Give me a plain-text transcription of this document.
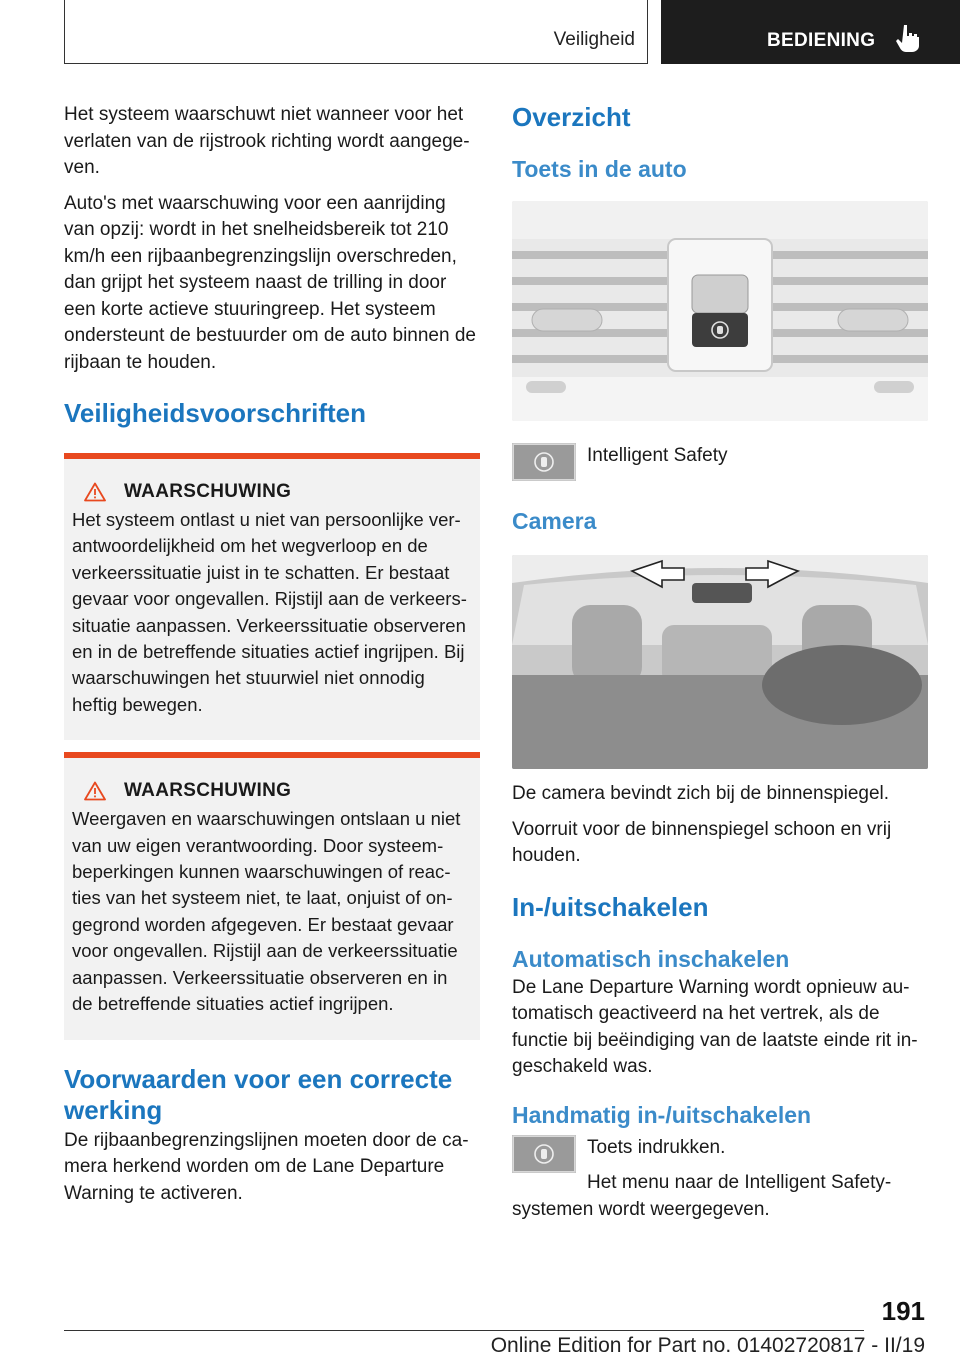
Veiligheid	BEDIENING

Het systeem waarschuwt niet wanneer voor het verlaten van de rijstrook richting wordt aangegeven.

Auto's met waarschuwing voor een aanrijding van opzij: wordt in het snelheidsbereik tot 210 km/h een rijbaanbegrenzingslijn overschreden, dan grijpt het systeem naast de trilling in door een korte actieve stuuringreep. Het systeem ondersteunt de bestuurder om de auto binnen de rijbaan te houden.

Veiligheidsvoorschriften
WAARSCHUWING

Het systeem ontlast u niet van persoonlijke verantwoordelijkheid om het wegverloop en de verkeerssituatie juist in te schatten. Er bestaat gevaar voor ongevallen. Rijstijl aan de verkeerssituatie aanpassen. Verkeerssituatie observeren en in de betreffende situaties actief ingrijpen. Bij waarschuwingen het stuurwiel niet onnodig heftig bewegen.

WAARSCHUWING

Weergaven en waarschuwingen ontslaan u niet van uw eigen verantwoording. Door systeembeperkingen kunnen waarschuwingen of reacties van het systeem niet, te laat, onjuist of ongegrond worden afgegeven. Er bestaat gevaar voor ongevallen. Rijstijl aan de verkeerssituatie aanpassen. Verkeerssituatie observeren en in de betreffende situaties actief ingrijpen.

Voorwaarden voor een correcte werking

De rijbaanbegrenzingslijnen moeten door de camera herkend worden om de Lane Departure Warning te activeren.

Overzicht
Toets in de auto

Intelligent Safety

Camera

De camera bevindt zich bij de binnenspiegel.

Voorruit voor de binnenspiegel schoon en vrij houden.

In-/uitschakelen
Automatisch inschakelen

De Lane Departure Warning wordt opnieuw automatisch geactiveerd na het vertrek, als de functie bij beëindiging van de laatste einde rit ingeschakeld was.

Handmatig in-/uitschakelen

Toets indrukken.

Het menu naar de Intelligent Safety-systemen wordt weergegeven.

191
Online Edition for Part no. 01402720817 - II/19
